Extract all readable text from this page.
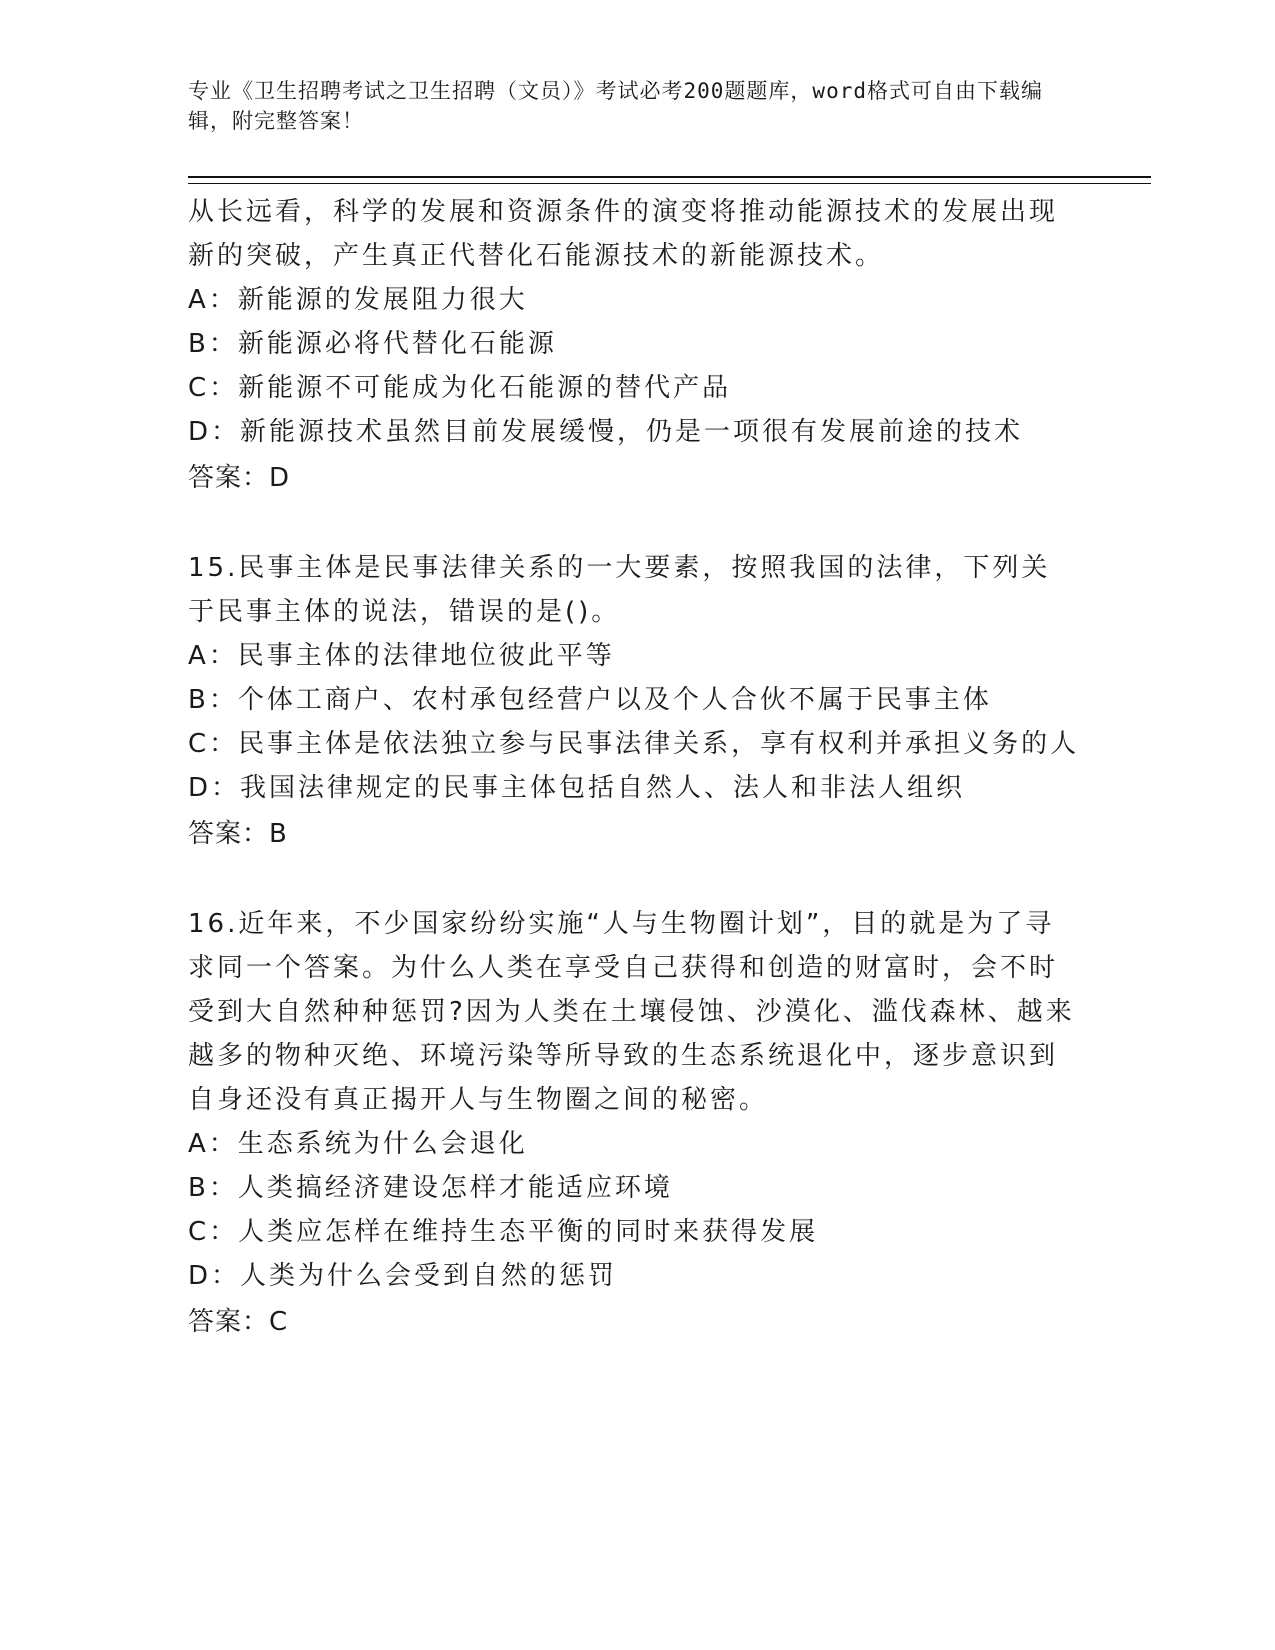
专业《卫生招聘考试之卫生招聘（文员）》考试必考200题题库，word格式可自由下载编辑，附完整答案！
从长远看，科学的发展和资源条件的演变将推动能源技术的发展出现新的突破，产生真正代替化石能源技术的新能源技术。
A：新能源的发展阻力很大
B：新能源必将代替化石能源
C：新能源不可能成为化石能源的替代产品
D：新能源技术虽然目前发展缓慢，仍是一项很有发展前途的技术
答案：D
15.民事主体是民事法律关系的一大要素，按照我国的法律，下列关于民事主体的说法，错误的是()。
A：民事主体的法律地位彼此平等
B：个体工商户、农村承包经营户以及个人合伙不属于民事主体
C：民事主体是依法独立参与民事法律关系，享有权利并承担义务的人
D：我国法律规定的民事主体包括自然人、法人和非法人组织
答案：B
16.近年来，不少国家纷纷实施“人与生物圈计划”，目的就是为了寻求同一个答案。为什么人类在享受自己获得和创造的财富时，会不时受到大自然种种惩罚?因为人类在土壤侵蚀、沙漠化、滥伐森林、越来越多的物种灭绝、环境污染等所导致的生态系统退化中，逐步意识到自身还没有真正揭开人与生物圈之间的秘密。
A：生态系统为什么会退化
B：人类搞经济建设怎样才能适应环境
C：人类应怎样在维持生态平衡的同时来获得发展
D：人类为什么会受到自然的惩罚
答案：C
